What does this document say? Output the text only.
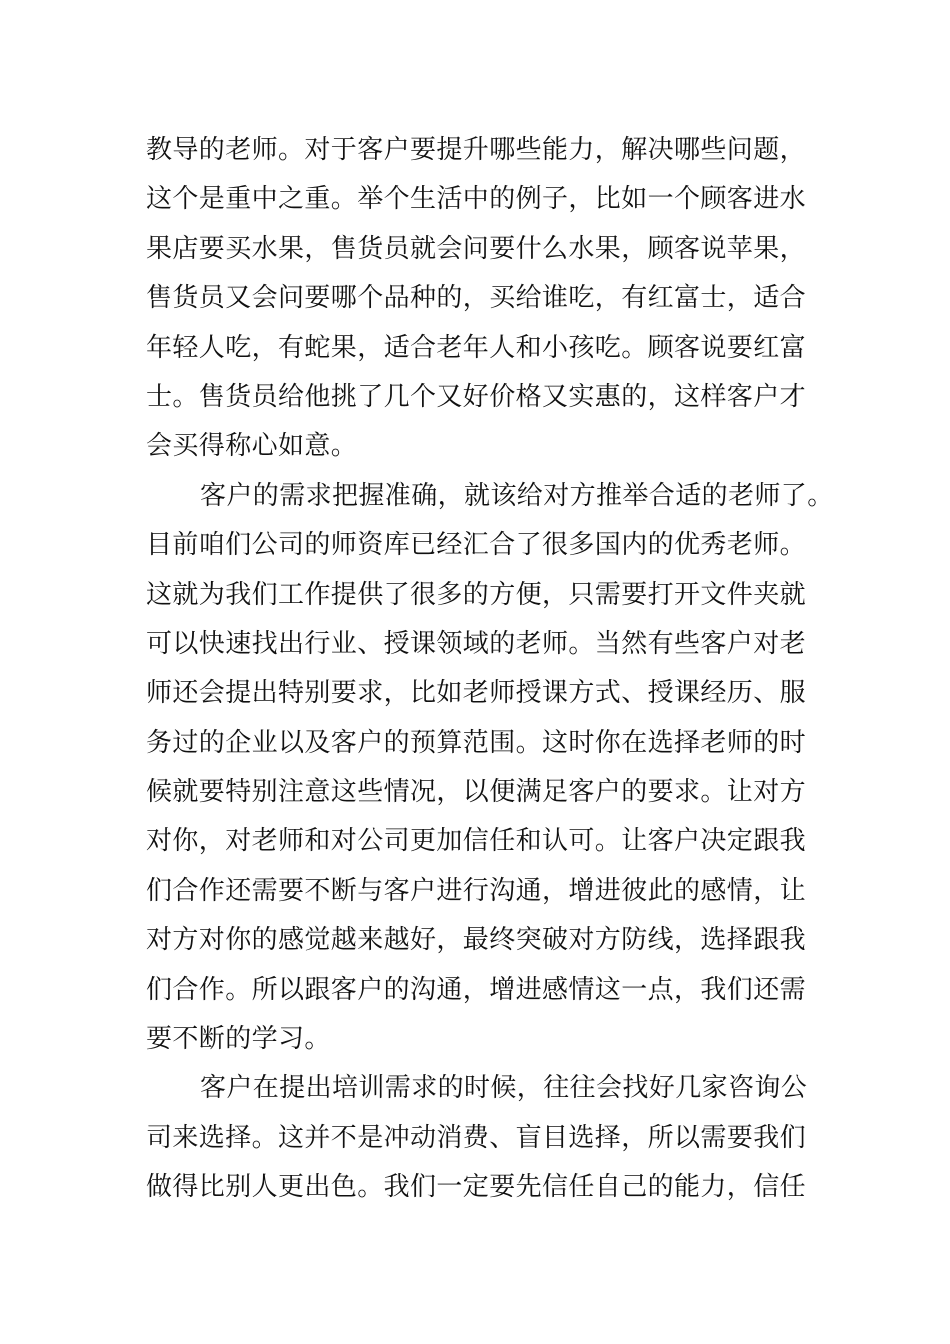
教导的老师。对于客户要提升哪些能力，解决哪些问题，
这个是重中之重。举个生活中的例子，比如一个顾客进水
果店要买水果，售货员就会问要什么水果，顾客说苹果，
售货员又会问要哪个品种的，买给谁吃，有红富士，适合
年轻人吃，有蛇果，适合老年人和小孩吃。顾客说要红富
士。售货员给他挑了几个又好价格又实惠的，这样客户才
会买得称心如意。
客户的需求把握准确，就该给对方推举合适的老师了。
目前咱们公司的师资库已经汇合了很多国内的优秀老师。
这就为我们工作提供了很多的方便，只需要打开文件夹就
可以快速找出行业、授课领域的老师。当然有些客户对老
师还会提出特别要求，比如老师授课方式、授课经历、服
务过的企业以及客户的预算范围。这时你在选择老师的时
候就要特别注意这些情况，以便满足客户的要求。让对方
对你，对老师和对公司更加信任和认可。让客户决定跟我
们合作还需要不断与客户进行沟通，增进彼此的感情，让
对方对你的感觉越来越好，最终突破对方防线，选择跟我
们合作。所以跟客户的沟通，增进感情这一点，我们还需
要不断的学习。
客户在提出培训需求的时候，往往会找好几家咨询公
司来选择。这并不是冲动消费、盲目选择，所以需要我们
做得比别人更出色。我们一定要先信任自己的能力，信任
